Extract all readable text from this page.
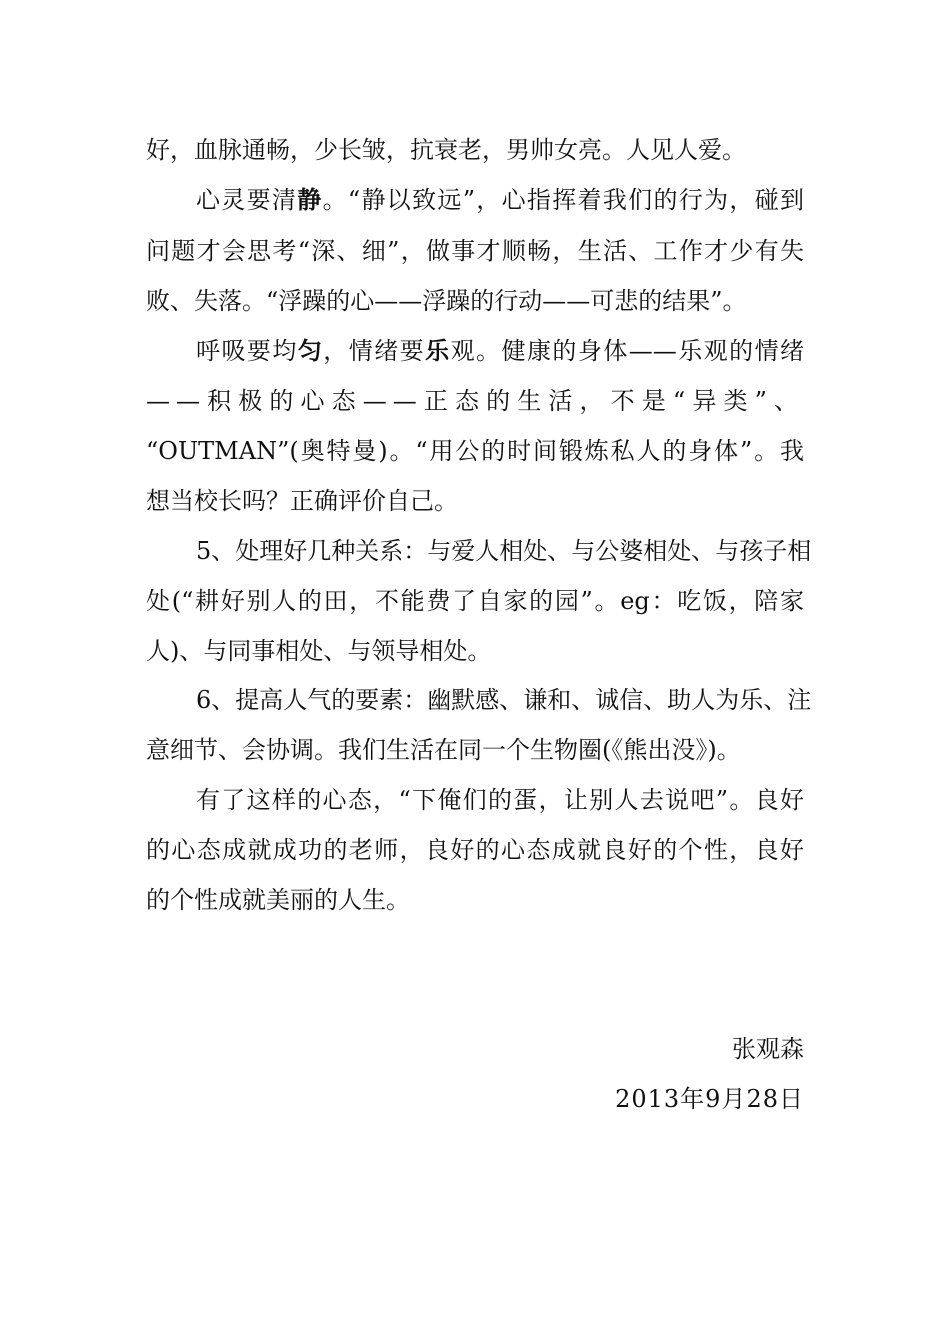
好，血脉通畅，少长皱，抗衰老，男帅女亮。人见人爱。
心灵要清静。“静以致远”，心指挥着我们的行为，碰到
问题才会思考“深、细”，做事才顺畅，生活、工作才少有失
败、失落。“浮躁的心——浮躁的行动——可悲的结果”。
呼吸要均匀，情绪要乐观。健康的身体——乐观的情绪
——积极的心态——正态的生活，不是“异类”、
“OUTMAN”(奥特曼)。“用公的时间锻炼私人的身体”。我
想当校长吗？正确评价自己。
5、处理好几种关系：与爱人相处、与公婆相处、与孩子相
处(“耕好别人的田，不能费了自家的园”。eg：吃饭，陪家
人)、与同事相处、与领导相处。
6、提高人气的要素：幽默感、谦和、诚信、助人为乐、注
意细节、会协调。我们生活在同一个生物圈(《熊出没》)。
有了这样的心态，“下俺们的蛋，让别人去说吧”。良好
的心态成就成功的老师，良好的心态成就良好的个性，良好
的个性成就美丽的人生。
张观森
2013年9月28日
